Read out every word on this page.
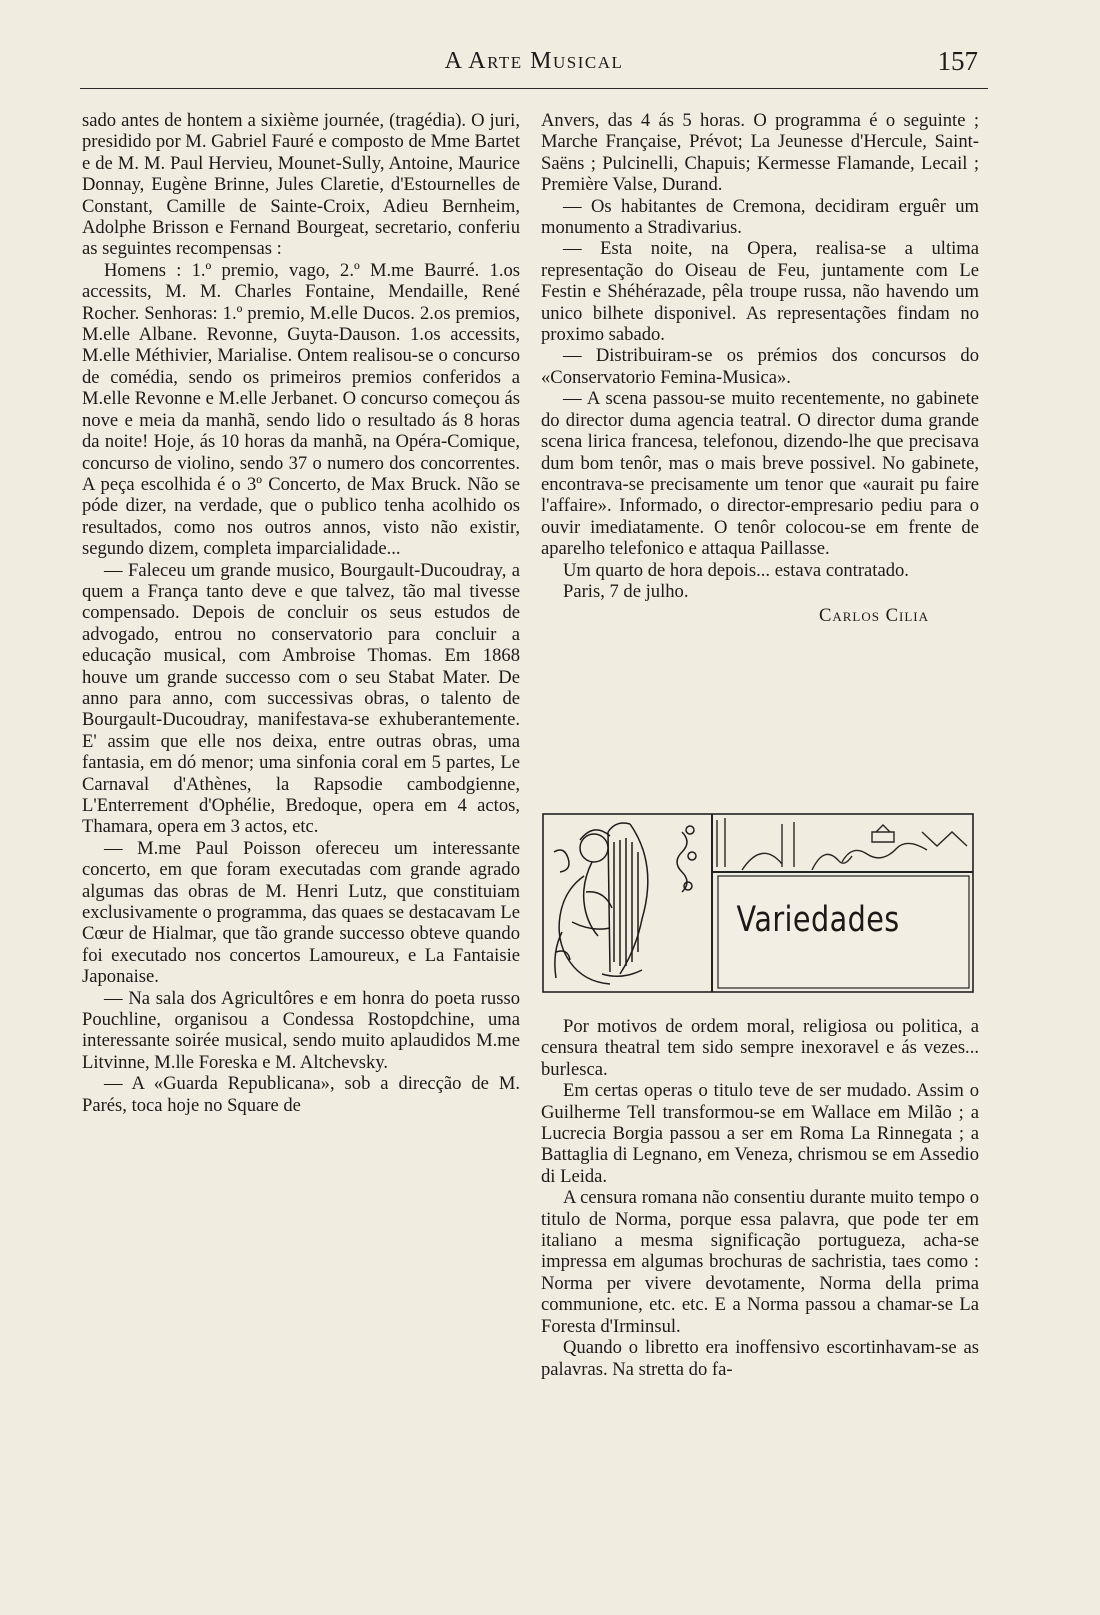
A Arte Musical	157

sado antes de hontem a sixième journée, (tragédia). O juri, presidido por M. Gabriel Fauré e composto de Mme Bartet e de M. M. Paul Hervieu, Mounet-Sully, Antoine, Maurice Donnay, Eugène Brinne, Jules Claretie, d'Estournelles de Constant, Camille de Sainte-Croix, Adieu Bernheim, Adolphe Brisson e Fernand Bourgeat, secretario, conferiu as seguintes recompensas :

Homens : 1.º premio, vago, 2.º M.me Baurré. 1.os accessits, M. M. Charles Fontaine, Mendaille, René Rocher. Senhoras: 1.º premio, M.elle Ducos. 2.os premios, M.elle Albane. Revonne, Guyta-Dauson. 1.os accessits, M.elle Méthivier, Marialise. Ontem realisou-se o concurso de comédia, sendo os primeiros premios conferidos a M.elle Revonne e M.elle Jerbanet. O concurso começou ás nove e meia da manhã, sendo lido o resultado ás 8 horas da noite! Hoje, ás 10 horas da manhã, na Opéra-Comique, concurso de violino, sendo 37 o numero dos concorrentes. A peça escolhida é o 3º Concerto, de Max Bruck. Não se póde dizer, na verdade, que o publico tenha acolhido os resultados, como nos outros annos, visto não existir, segundo dizem, completa imparcialidade...

— Faleceu um grande musico, Bourgault-Ducoudray, a quem a França tanto deve e que talvez, tão mal tivesse compensado. Depois de concluir os seus estudos de advogado, entrou no conservatorio para concluir a educação musical, com Ambroise Thomas. Em 1868 houve um grande successo com o seu Stabat Mater. De anno para anno, com successivas obras, o talento de Bourgault-Ducoudray, manifestava-se exhuberantemente. E' assim que elle nos deixa, entre outras obras, uma fantasia, em dó menor; uma sinfonia coral em 5 partes, Le Carnaval d'Athènes, la Rapsodie cambodgienne, L'Enterrement d'Ophélie, Bredoque, opera em 4 actos, Thamara, opera em 3 actos, etc.

— M.me Paul Poisson ofereceu um interessante concerto, em que foram executadas com grande agrado algumas das obras de M. Henri Lutz, que constituiam exclusivamente o programma, das quaes se destacavam Le Cœur de Hialmar, que tão grande successo obteve quando foi executado nos concertos Lamoureux, e La Fantaisie Japonaise.

— Na sala dos Agricultôres e em honra do poeta russo Pouchline, organisou a Condessa Rostopdchine, uma interessante soirée musical, sendo muito aplaudidos M.me Litvinne, M.lle Foreska e M. Altchevsky.

— A «Guarda Republicana», sob a direcção de M. Parés, toca hoje no Square de

Anvers, das 4 ás 5 horas. O programma é o seguinte ; Marche Française, Prévot; La Jeunesse d'Hercule, Saint-Saëns ; Pulcinelli, Chapuis; Kermesse Flamande, Lecail ; Première Valse, Durand.

— Os habitantes de Cremona, decidiram erguêr um monumento a Stradivarius.

— Esta noite, na Opera, realisa-se a ultima representação do Oiseau de Feu, juntamente com Le Festin e Shéhérazade, pêla troupe russa, não havendo um unico bilhete disponivel. As representações findam no proximo sabado.

— Distribuiram-se os prémios dos concursos do «Conservatorio Femina-Musica».

— A scena passou-se muito recentemente, no gabinete do director duma agencia teatral. O director duma grande scena lirica francesa, telefonou, dizendo-lhe que precisava dum bom tenôr, mas o mais breve possivel. No gabinete, encontrava-se precisamente um tenor que «aurait pu faire l'affaire». Informado, o director-empresario pediu para o ouvir imediatamente. O tenôr colocou-se em frente de aparelho telefonico e attaqua Paillasse.

Um quarto de hora depois... estava contratado.

Paris, 7 de julho.

Carlos Cilia

Variedades

Por motivos de ordem moral, religiosa ou politica, a censura theatral tem sido sempre inexoravel e ás vezes... burlesca.

Em certas operas o titulo teve de ser mudado. Assim o Guilherme Tell transformou-se em Wallace em Milão ; a Lucrecia Borgia passou a ser em Roma La Rinnegata ; a Battaglia di Legnano, em Veneza, chrismou se em Assedio di Leida.

A censura romana não consentiu durante muito tempo o titulo de Norma, porque essa palavra, que pode ter em italiano a mesma significação portugueza, acha-se impressa em algumas brochuras de sachristia, taes como : Norma per vivere devotamente, Norma della prima communione, etc. etc. E a Norma passou a chamar-se La Foresta d'Irminsul.

Quando o libretto era inoffensivo escortinhavam-se as palavras. Na stretta do fa-
